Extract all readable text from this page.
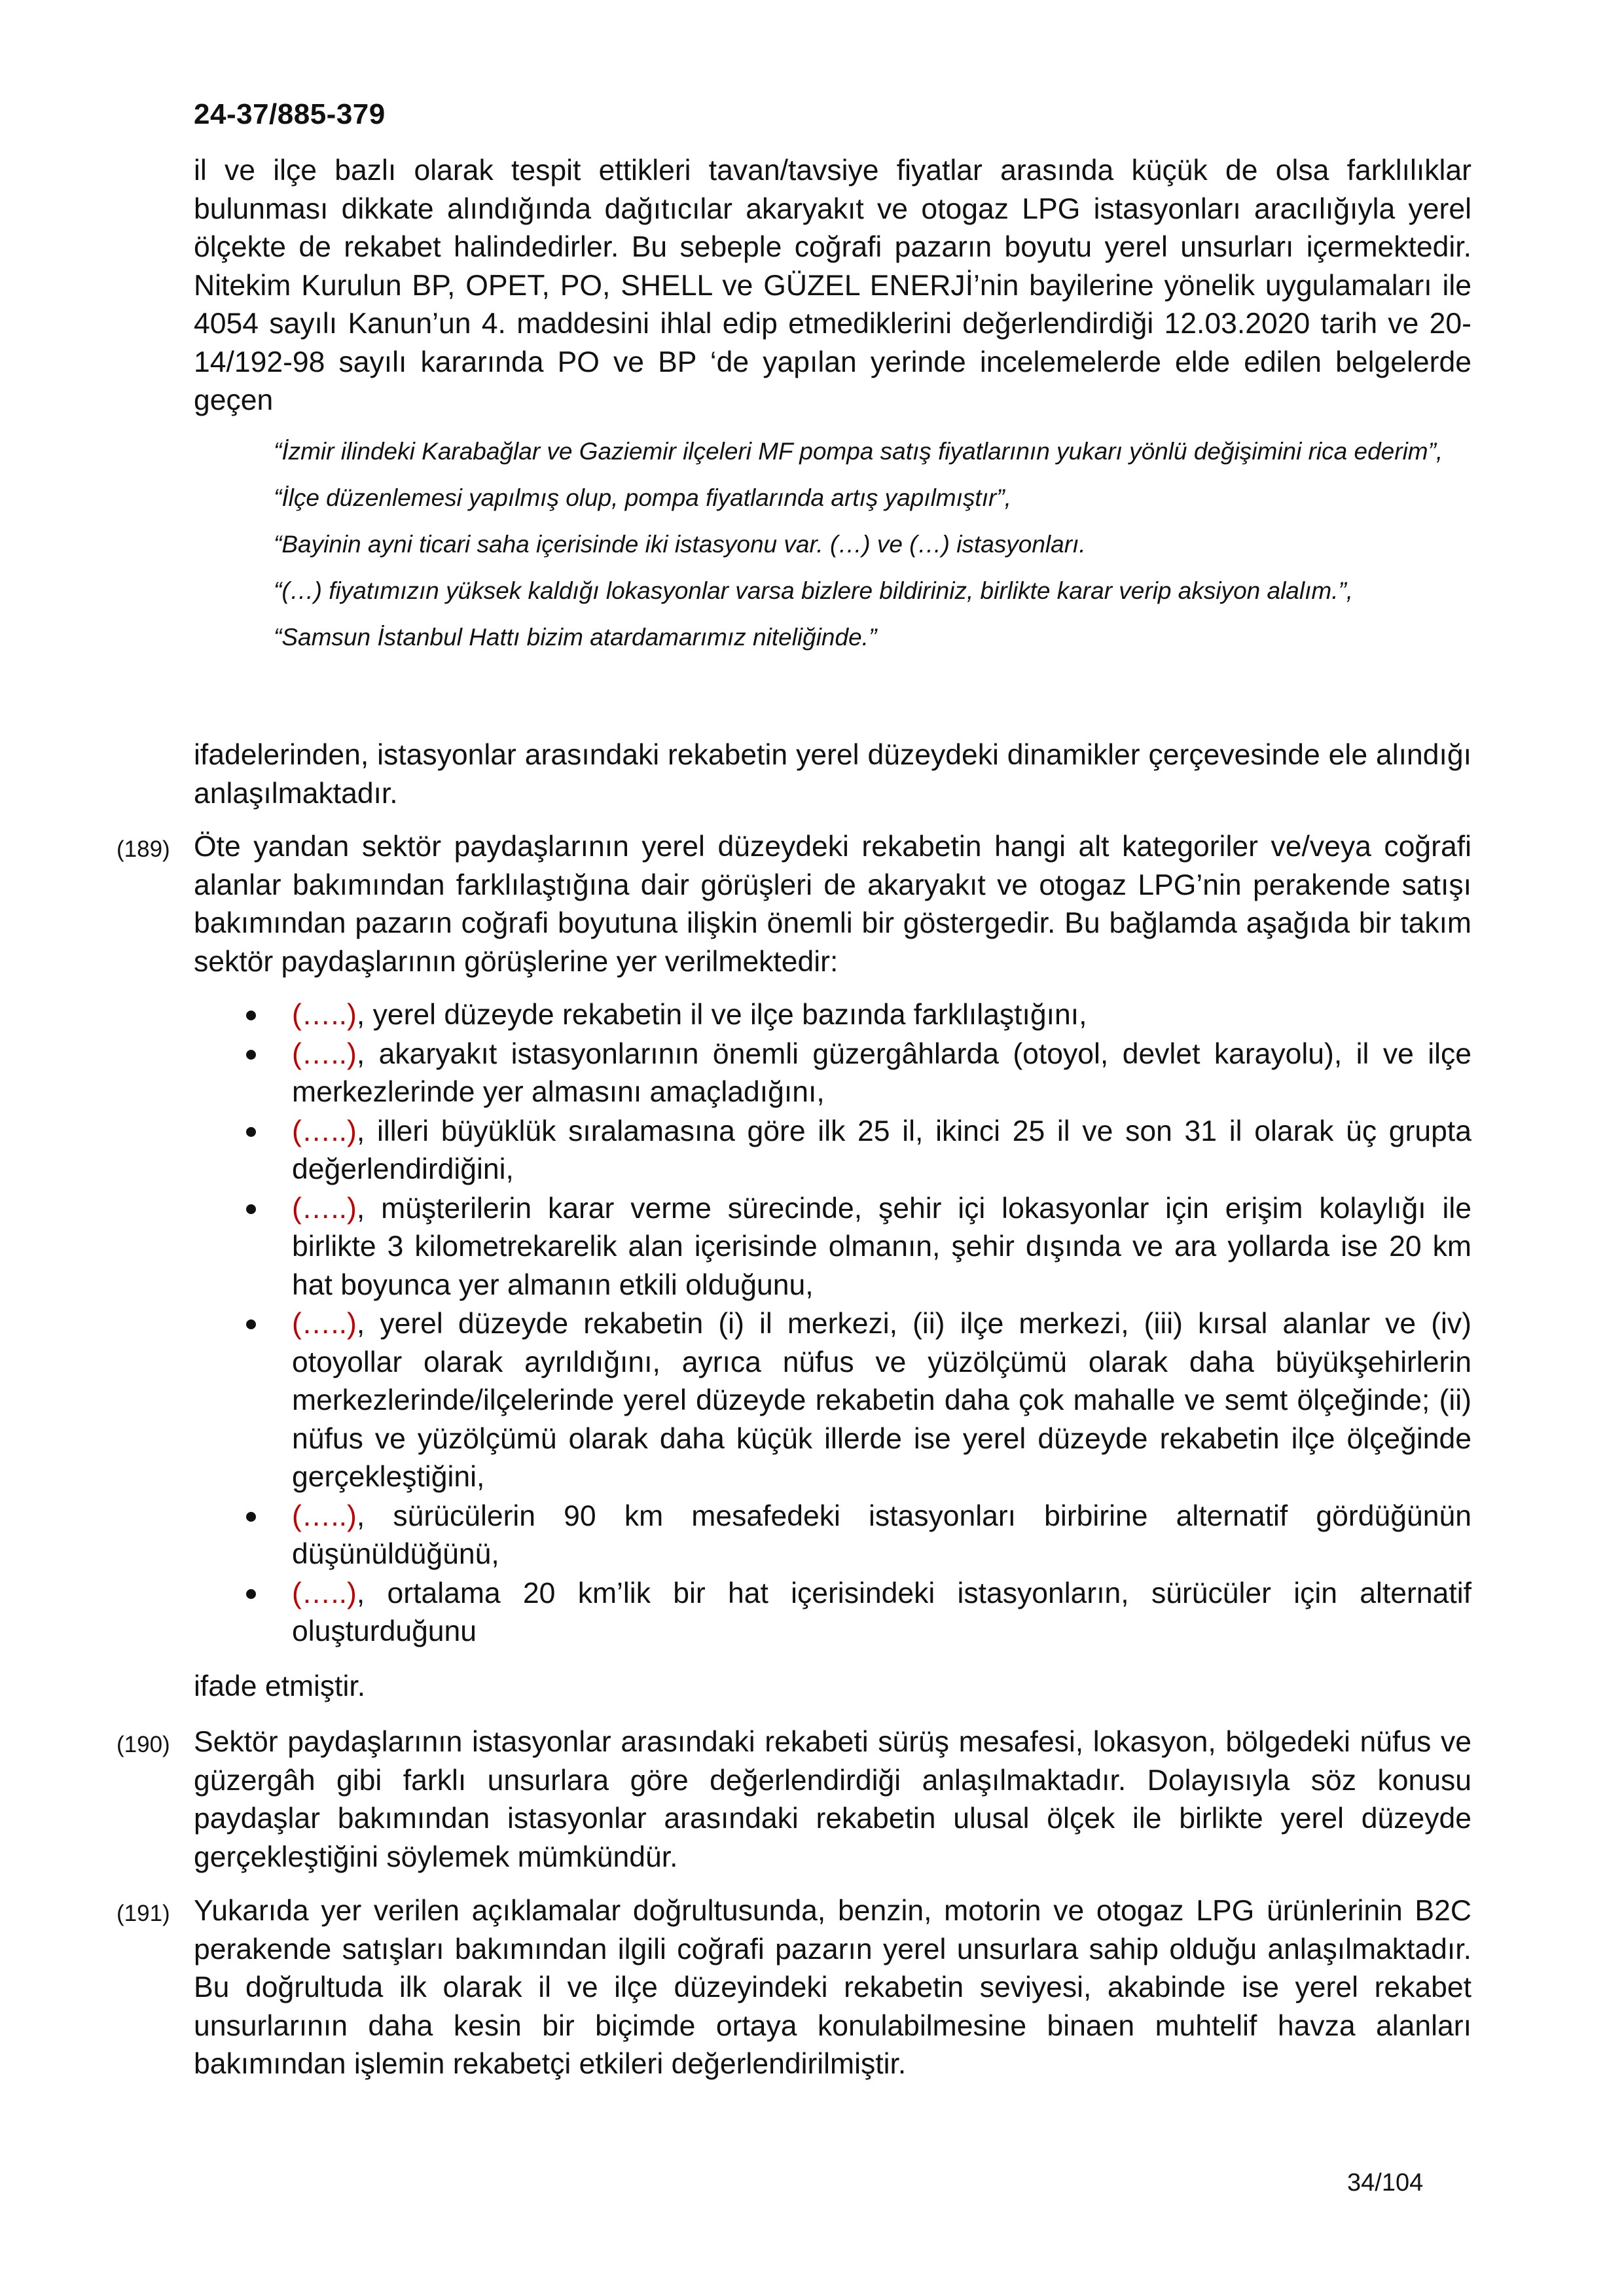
24-37/885-379
il ve ilçe bazlı olarak tespit ettikleri tavan/tavsiye fiyatlar arasında küçük de olsa farklılıklar bulunması dikkate alındığında dağıtıcılar akaryakıt ve otogaz LPG istasyonları aracılığıyla yerel ölçekte de rekabet halindedirler. Bu sebeple coğrafi pazarın boyutu yerel unsurları içermektedir. Nitekim Kurulun BP, OPET, PO, SHELL ve GÜZEL ENERJİ’nin bayilerine yönelik uygulamaları ile 4054 sayılı Kanun’un 4. maddesini ihlal edip etmediklerini değerlendirdiği 12.03.2020 tarih ve 20-14/192-98 sayılı kararında PO ve BP ‘de yapılan yerinde incelemelerde elde edilen belgelerde geçen

“İzmir ilindeki Karabağlar ve Gaziemir ilçeleri MF pompa satış fiyatlarının yukarı yönlü değişimini rica ederim”,

“İlçe düzenlemesi yapılmış olup, pompa fiyatlarında artış yapılmıştır”,

“Bayinin ayni ticari saha içerisinde iki istasyonu var. (…) ve (…) istasyonları.

“(…) fiyatımızın yüksek kaldığı lokasyonlar varsa bizlere bildiriniz, birlikte karar verip aksiyon alalım.”,

“Samsun İstanbul Hattı bizim atardamarımız niteliğinde.”

ifadelerinden, istasyonlar arasındaki rekabetin yerel düzeydeki dinamikler çerçevesinde ele alındığı anlaşılmaktadır.
(189) Öte yandan sektör paydaşlarının yerel düzeydeki rekabetin hangi alt kategoriler ve/veya coğrafi alanlar bakımından farklılaştığına dair görüşleri de akaryakıt ve otogaz LPG’nin perakende satışı bakımından pazarın coğrafi boyutuna ilişkin önemli bir göstergedir. Bu bağlamda aşağıda bir takım sektör paydaşlarının görüşlerine yer verilmektedir:
(…..), yerel düzeyde rekabetin il ve ilçe bazında farklılaştığını,
(…..), akaryakıt istasyonlarının önemli güzergâhlarda (otoyol, devlet karayolu), il ve ilçe merkezlerinde yer almasını amaçladığını,
(…..), illeri büyüklük sıralamasına göre ilk 25 il, ikinci 25 il ve son 31 il olarak üç grupta değerlendirdiğini,
(…..), müşterilerin karar verme sürecinde, şehir içi lokasyonlar için erişim kolaylığı ile birlikte 3 kilometrekarelik alan içerisinde olmanın, şehir dışında ve ara yollarda ise 20 km hat boyunca yer almanın etkili olduğunu,
(…..), yerel düzeyde rekabetin (i) il merkezi, (ii) ilçe merkezi, (iii) kırsal alanlar ve (iv) otoyollar olarak ayrıldığını, ayrıca nüfus ve yüzölçümü olarak daha büyükşehirlerin merkezlerinde/ilçelerinde yerel düzeyde rekabetin daha çok mahalle ve semt ölçeğinde; (ii) nüfus ve yüzölçümü olarak daha küçük illerde ise yerel düzeyde rekabetin ilçe ölçeğinde gerçekleştiğini,
(…..), sürücülerin 90 km mesafedeki istasyonları birbirine alternatif gördüğünün düşünüldüğünü,
(…..), ortalama 20 km’lik bir hat içerisindeki istasyonların, sürücüler için alternatif oluşturduğunu
ifade etmiştir.
(190) Sektör paydaşlarının istasyonlar arasındaki rekabeti sürüş mesafesi, lokasyon, bölgedeki nüfus ve güzergâh gibi farklı unsurlara göre değerlendirdiği anlaşılmaktadır. Dolayısıyla söz konusu paydaşlar bakımından istasyonlar arasındaki rekabetin ulusal ölçek ile birlikte yerel düzeyde gerçekleştiğini söylemek mümkündür.
(191) Yukarıda yer verilen açıklamalar doğrultusunda, benzin, motorin ve otogaz LPG ürünlerinin B2C perakende satışları bakımından ilgili coğrafi pazarın yerel unsurlara sahip olduğu anlaşılmaktadır. Bu doğrultuda ilk olarak il ve ilçe düzeyindeki rekabetin seviyesi, akabinde ise yerel rekabet unsurlarının daha kesin bir biçimde ortaya konulabilmesine binaen muhtelif havza alanları bakımından işlemin rekabetçi etkileri değerlendirilmiştir.
34/104
